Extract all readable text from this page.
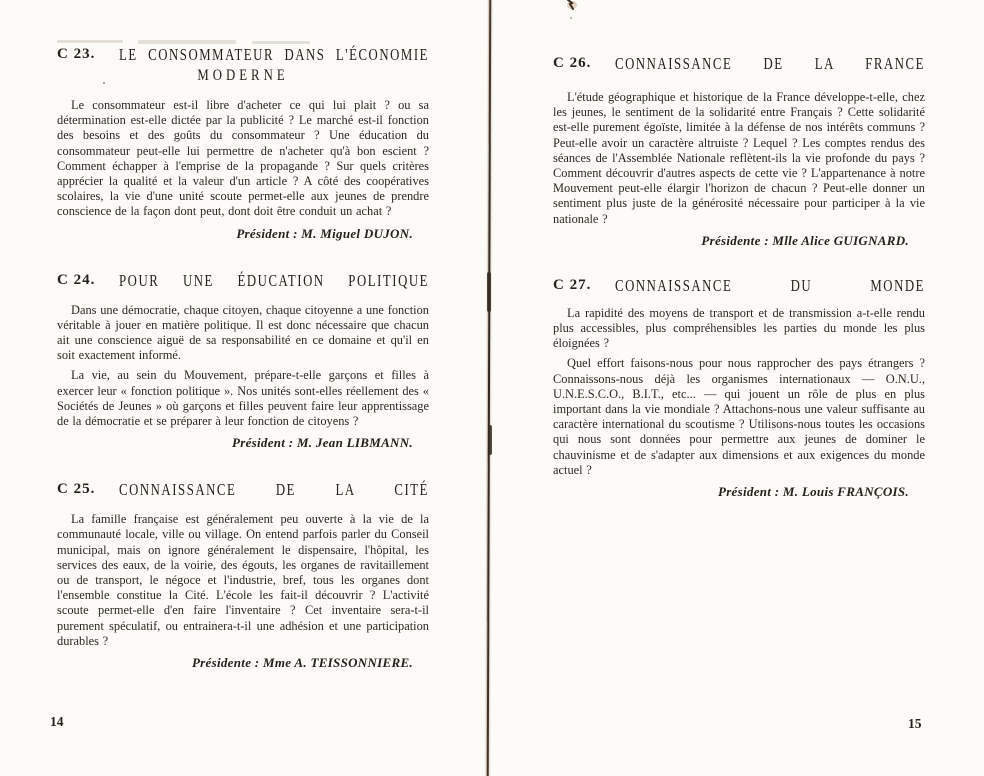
C 23. LE CONSOMMATEUR DANS L'ÉCONOMIE
MODERNE

Le consommateur est-il libre d'acheter ce qui lui plait ? ou sa détermination est-elle dictée par la publicité ? Le marché est-il fonction des besoins et des goûts du consommateur ? Une éducation du consommateur peut-elle lui permettre de n'acheter qu'à bon escient ? Comment échapper à l'emprise de la propagande ? Sur quels critères apprécier la qualité et la valeur d'un article ? A côté des coopératives scolaires, la vie d'une unité scoute permet-elle aux jeunes de prendre conscience de la façon dont peut, dont doit être conduit un achat ?

Président : M. Miguel DUJON.

C 24. POUR UNE ÉDUCATION POLITIQUE

Dans une démocratie, chaque citoyen, chaque citoyenne a une fonction véritable à jouer en matière politique. Il est donc nécessaire que chacun ait une conscience aiguë de sa responsabilité en ce domaine et qu'il en soit exactement informé.

La vie, au sein du Mouvement, prépare-t-elle garçons et filles à exercer leur « fonction politique ». Nos unités sont-elles réellement des « Sociétés de Jeunes » où garçons et filles peuvent faire leur apprentissage de la démocratie et se préparer à leur fonction de citoyens ?

Président : M. Jean LIBMANN.

C 25. CONNAISSANCE DE LA CITÉ

La famille française est généralement peu ouverte à la vie de la communauté locale, ville ou village. On entend parfois parler du Conseil municipal, mais on ignore généralement le dispensaire, l'hôpital, les services des eaux, de la voirie, des égouts, les organes de ravitaillement ou de transport, le négoce et l'industrie, bref, tous les organes dont l'ensemble constitue la Cité. L'école les fait-il découvrir ? L'activité scoute permet-elle d'en faire l'inventaire ? Cet inventaire sera-t-il purement spéculatif, ou entrainera-t-il une adhésion et une participation durables ?

Présidente : Mme A. TEISSONNIERE.

C 26. CONNAISSANCE DE LA FRANCE

L'étude géographique et historique de la France développe-t-elle, chez les jeunes, le sentiment de la solidarité entre Français ? Cette solidarité est-elle purement égoïste, limitée à la défense de nos intérêts communs ? Peut-elle avoir un caractère altruiste ? Lequel ? Les comptes rendus des séances de l'Assemblée Nationale reflètent-ils la vie profonde du pays ? Comment découvrir d'autres aspects de cette vie ? L'appartenance à notre Mouvement peut-elle élargir l'horizon de chacun ? Peut-elle donner un sentiment plus juste de la générosité nécessaire pour participer à la vie nationale ?

Présidente : Mlle Alice GUIGNARD.

C 27. CONNAISSANCE DU MONDE

La rapidité des moyens de transport et de transmission a-t-elle rendu plus accessibles, plus compréhensibles les parties du monde les plus éloignées ?

Quel effort faisons-nous pour nous rapprocher des pays étrangers ? Connaissons-nous déjà les organismes internationaux — O.N.U., U.N.E.S.C.O., B.I.T., etc... — qui jouent un rôle de plus en plus important dans la vie mondiale ? Attachons-nous une valeur suffisante au caractère international du scoutisme ? Utilisons-nous toutes les occasions qui nous sont données pour permettre aux jeunes de dominer le chauvinisme et de s'adapter aux dimensions et aux exigences du monde actuel ?

Président : M. Louis FRANÇOIS.

14	15
